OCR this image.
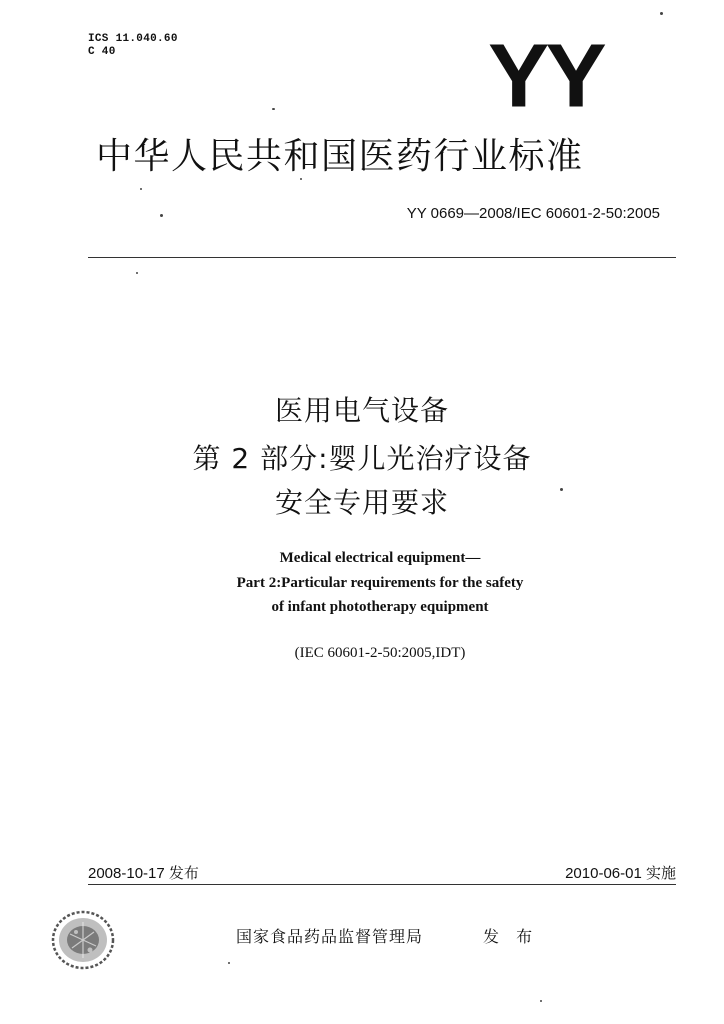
ICS 11.040.60
C 40	YY
中华人民共和国医药行业标准
YY 0669—2008/IEC 60601-2-50:2005
医用电气设备
第 2 部分:婴儿光治疗设备
安全专用要求
Medical electrical equipment—
Part 2:Particular requirements for the safety
of infant phototherapy equipment
(IEC 60601-2-50:2005,IDT)
2008-10-17 发布	2010-06-01 实施
国家食品药品监督管理局	发 布
